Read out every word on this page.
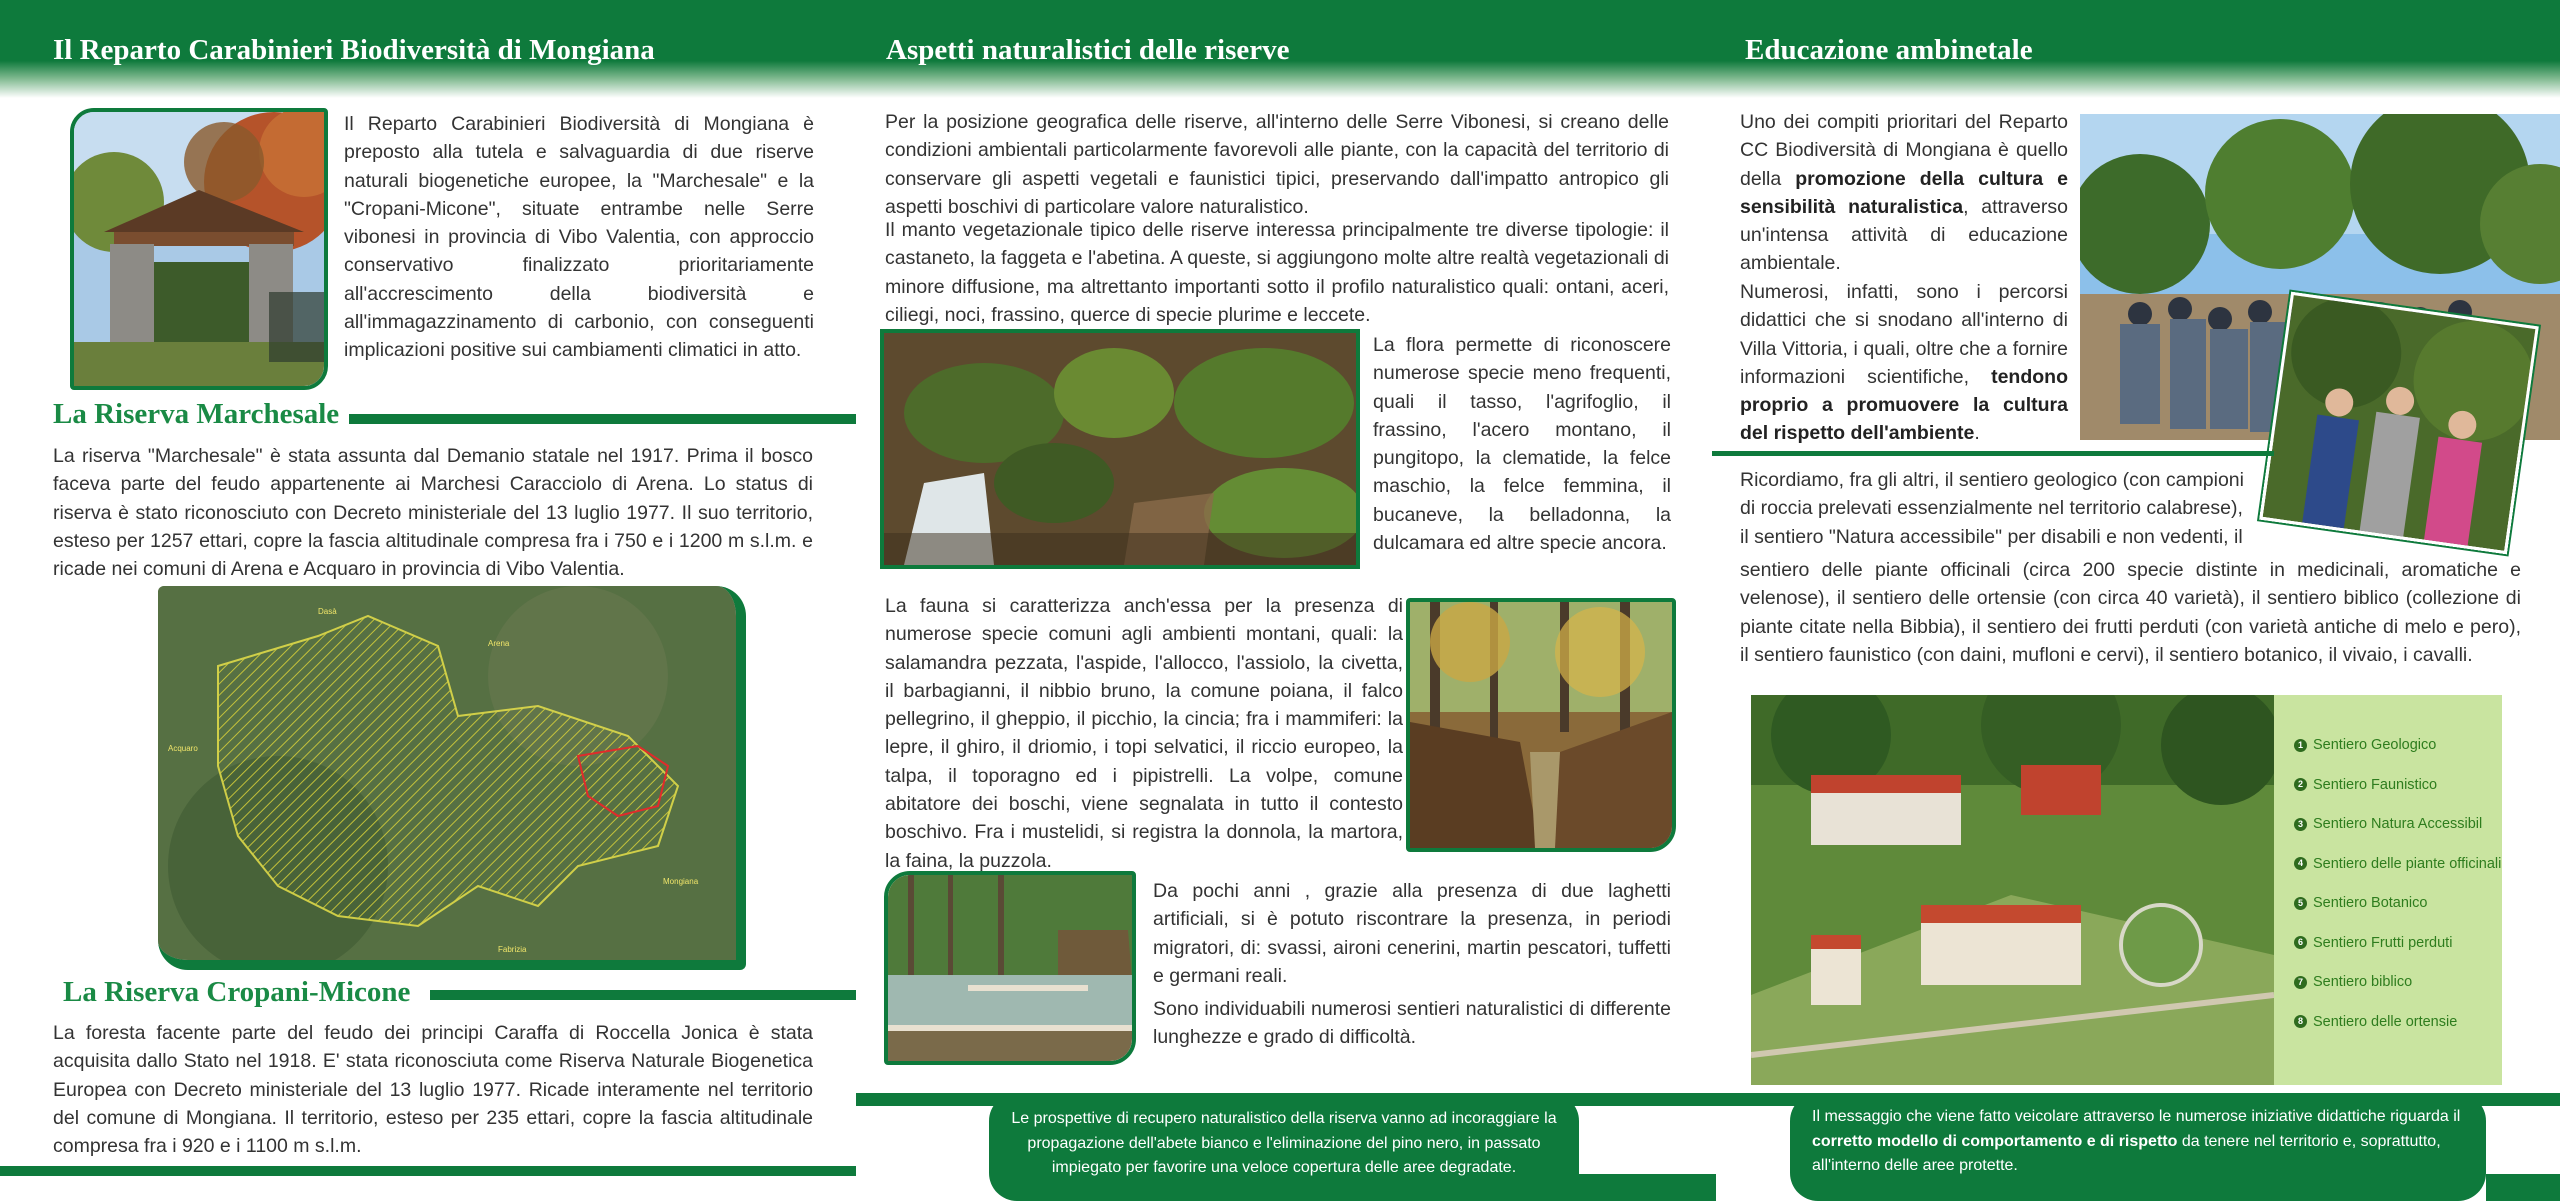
Il Reparto Carabinieri Biodiversità di Mongiana	Aspetti naturalistici delle riserve	Educazione ambinetale
Il Reparto Carabinieri Biodiversità di Mongiana è preposto alla tutela e salvaguardia di due riserve naturali biogenetiche europee, la "Marchesale" e la "Cropani-Micone", situate entrambe nelle Serre vibonesi in provincia di Vibo Valentia, con approccio conservativo finalizzato prioritariamente all'accrescimento della biodiversità e all'immagazzinamento di carbonio, con conseguenti implicazioni positive sui cambiamenti climatici in atto.
La Riserva Marchesale
La riserva "Marchesale" è stata assunta dal Demanio statale nel 1917. Prima il bosco faceva parte del feudo appartenente ai Marchesi Caracciolo di Arena. Lo status di riserva è stato riconosciuto con Decreto ministeriale del 13 luglio 1977. Il suo territorio, esteso per 1257 ettari, copre la fascia altitudinale compresa fra i 750 e i 1200 m s.l.m. e ricade nei comuni di Arena e Acquaro in provincia di Vibo Valentia.
Acquaro
Arena
Dasà
Mongiana
Fabrizia
La Riserva Cropani-Micone
La foresta facente parte del feudo dei principi Caraffa di Roccella Jonica è stata acquisita dallo Stato nel 1918. E' stata riconosciuta come Riserva Naturale Biogenetica Europea con Decreto ministeriale del 13 luglio 1977. Ricade interamente nel territorio del comune di Mongiana. Il territorio, esteso per 235 ettari, copre la fascia altitudinale compresa fra i 920 e i 1100 m s.l.m.
Per la posizione geografica delle riserve, all'interno delle Serre Vibonesi, si creano delle condizioni ambientali particolarmente favorevoli alle piante, con la capacità del territorio di conservare gli aspetti vegetali e faunistici tipici, preservando dall'impatto antropico gli aspetti boschivi di particolare valore naturalistico.
Il manto vegetazionale tipico delle riserve interessa principalmente tre diverse tipologie: il castaneto, la faggeta e l'abetina. A queste, si aggiungono molte altre realtà vegetazionali di minore diffusione, ma altrettanto importanti sotto il profilo naturalistico quali: ontani, aceri, ciliegi, noci, frassino, querce di specie plurime e leccete.
La flora permette di riconoscere numerose specie meno frequenti, quali il tasso, l'agrifoglio, il frassino, l'acero montano, il pungitopo, la clematide, la felce maschio, la felce femmina, il bucaneve, la belladonna, la dulcamara ed altre specie ancora.
La fauna si caratterizza anch'essa per la presenza di numerose specie comuni agli ambienti montani, quali: la salamandra pezzata, l'aspide, l'allocco, l'assiolo, la civetta, il barbagianni, il nibbio bruno, la comune poiana, il falco pellegrino, il gheppio, il picchio, la cincia; fra i mammiferi: la lepre, il ghiro, il driomio, i topi selvatici, il riccio europeo, la talpa, il toporagno ed i pipistrelli. La volpe, comune abitatore dei boschi, viene segnalata in tutto il contesto boschivo. Fra i mustelidi, si registra la donnola, la martora, la faina, la puzzola.
Da pochi anni , grazie alla presenza di due laghetti artificiali, si è potuto riscontrare la presenza, in periodi migratori, di: svassi, aironi cenerini, martin pescatori, tuffetti e germani reali.
Sono individuabili numerosi sentieri naturalistici di differente lunghezze e grado di difficoltà.
Le prospettive di recupero naturalistico della riserva vanno ad incoraggiare la propagazione dell'abete bianco e l'eliminazione del pino nero, in passato impiegato per favorire una veloce copertura delle aree degradate.
Uno dei compiti prioritari del Reparto CC Biodiversità di Mongiana è quello della promozione della cultura e sensibilità naturalistica, attraverso un'intensa attività di educazione ambientale.
Numerosi, infatti, sono i percorsi didattici che si snodano all'interno di Villa Vittoria, i quali, oltre che a fornire informazioni scientifiche, tendono proprio a promuovere la cultura del rispetto dell'ambiente.
Ricordiamo, fra gli altri, il sentiero geologico (con campioni
di roccia prelevati essenzialmente nel territorio calabrese),
il sentiero "Natura accessibile" per disabili e non vedenti, il
sentiero delle piante officinali (circa 200 specie distinte in medicinali, aromatiche e velenose), il sentiero delle ortensie (con circa 40 varietà), il sentiero biblico (collezione di piante citate nella Bibbia), il sentiero dei frutti perduti (con varietà antiche di melo e pero), il sentiero faunistico (con daini, mufloni e cervi), il sentiero botanico, il vivaio, i cavalli.
1 Sentiero Geologico
2 Sentiero Faunistico
3 Sentiero Natura Accessibil
4 Sentiero delle piante officinali
5 Sentiero Botanico
6 Sentiero Frutti perduti
7 Sentiero biblico
8 Sentiero delle ortensie
Il messaggio che viene fatto veicolare attraverso le numerose iniziative didattiche riguarda il corretto modello di comportamento e di rispetto da tenere nel territorio e, soprattutto, all'interno delle aree protette.
